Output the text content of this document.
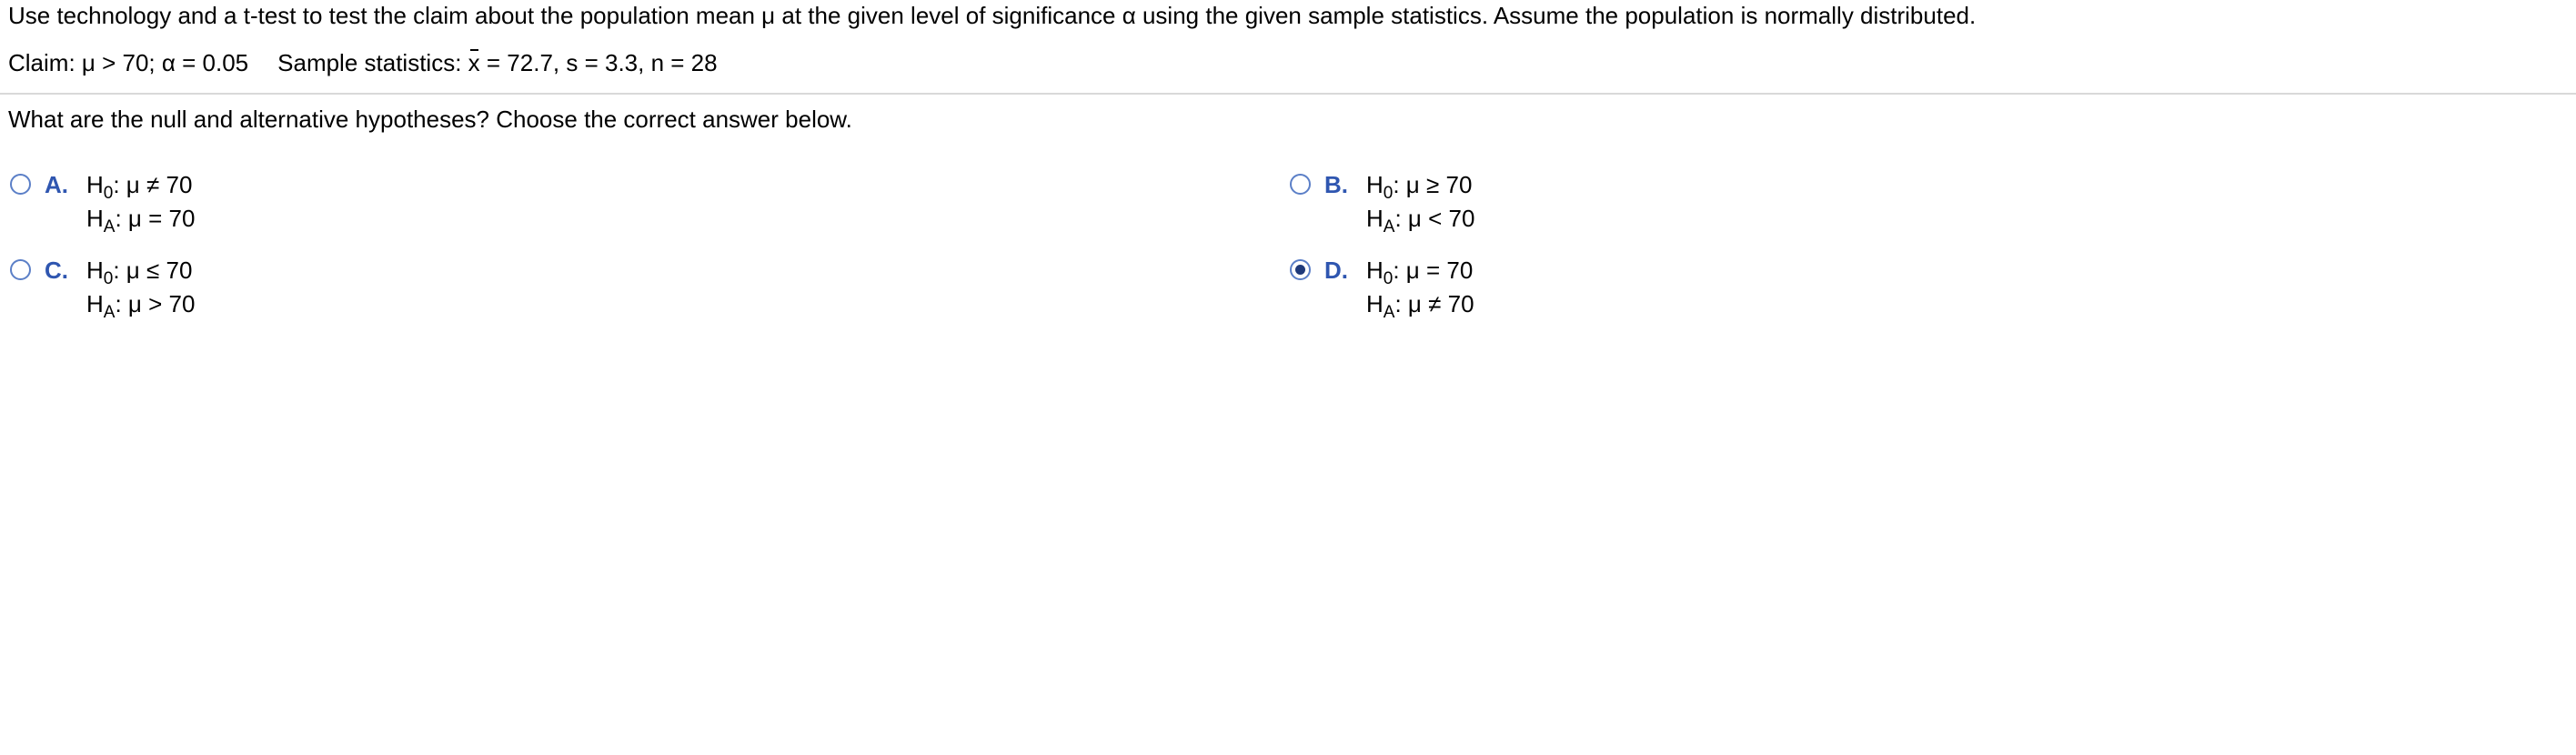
Use technology and a t-test to test the claim about the population mean μ at the given level of significance α using the given sample statistics. Assume the population is normally distributed.
Claim: μ > 70; α = 0.05 Sample statistics: x = 72.7, s = 3.3, n = 28
What are the null and alternative hypotheses? Choose the correct answer below.
A. $H_0$: μ ≠ 70
$H_A$: μ = 70
B. $H_0$: μ ≥ 70
$H_A$: μ < 70
C. $H_0$: μ ≤ 70
$H_A$: μ > 70
D. $H_0$: μ = 70
$H_A$: μ ≠ 70
